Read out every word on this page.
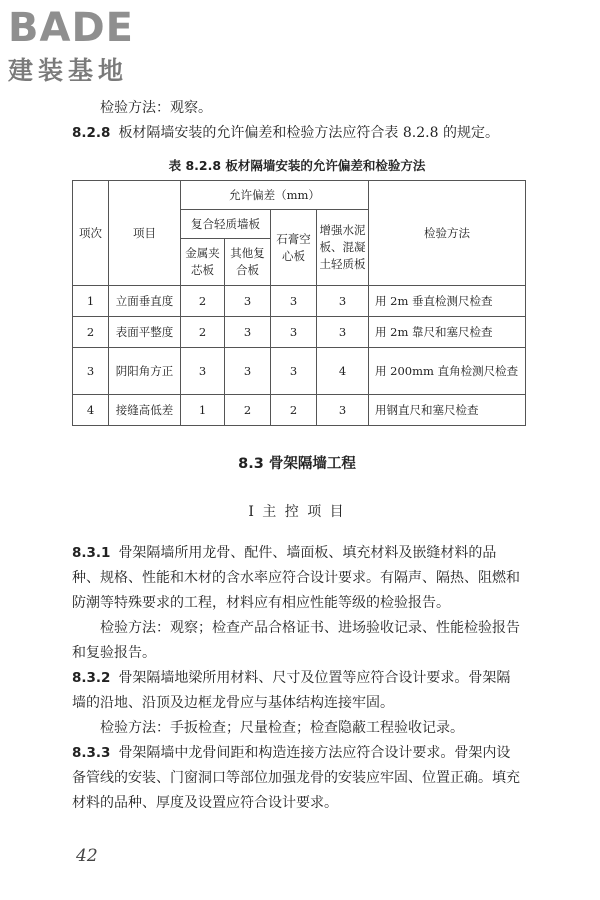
BADE
建装基地

检验方法：观察。

8.2.8 板材隔墙安装的允许偏差和检验方法应符合表 8.2.8 的规定。

表 8.2.8 板材隔墙安装的允许偏差和检验方法
项次	项目	允许偏差（mm）				检验方法
		复合轻质墙板		石膏空心板	增强水泥板、混凝土轻质板	
		金属夹芯板	其他复合板			
1	立面垂直度	2	3	3	3	用 2m 垂直检测尺检查
2	表面平整度	2	3	3	3	用 2m 靠尺和塞尺检查
3	阴阳角方正	3	3	3	4	用 200mm 直角检测尺检查
4	接缝高低差	1	2	2	3	用钢直尺和塞尺检查
8.3 骨架隔墙工程
Ⅰ 主 控 项 目

8.3.1 骨架隔墙所用龙骨、配件、墙面板、填充材料及嵌缝材料的品种、规格、性能和木材的含水率应符合设计要求。有隔声、隔热、阻燃和防潮等特殊要求的工程，材料应有相应性能等级的检验报告。

检验方法：观察；检查产品合格证书、进场验收记录、性能检验报告和复验报告。

8.3.2 骨架隔墙地梁所用材料、尺寸及位置等应符合设计要求。骨架隔墙的沿地、沿顶及边框龙骨应与基体结构连接牢固。

检验方法：手扳检查；尺量检查；检查隐蔽工程验收记录。

8.3.3 骨架隔墙中龙骨间距和构造连接方法应符合设计要求。骨架内设备管线的安装、门窗洞口等部位加强龙骨的安装应牢固、位置正确。填充材料的品种、厚度及设置应符合设计要求。

42
